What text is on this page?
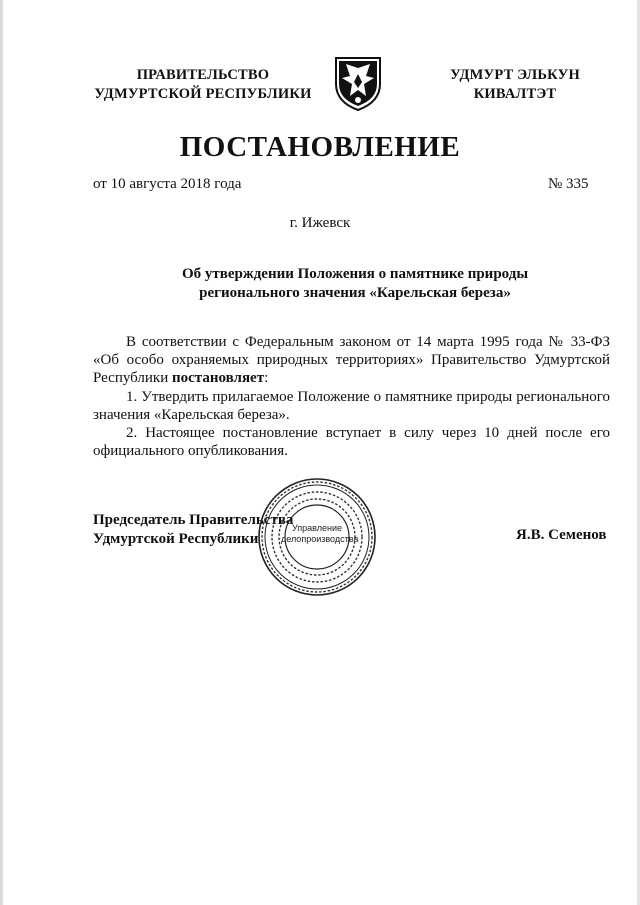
ПРАВИТЕЛЬСТВО
УДМУРТСКОЙ РЕСПУБЛИКИ
УДМУРТ ЭЛЬКУН
КИВАЛТЭТ
ПОСТАНОВЛЕНИЕ
от 10 августа 2018 года	№ 335
г. Ижевск
Об утверждении Положения о памятнике природы
регионального значения «Карельская береза»

В соответствии с Федеральным законом от 14 марта 1995 года № 33-ФЗ «Об особо охраняемых природных территориях» Правительство Удмуртской Республики постановляет:

1. Утвердить прилагаемое Положение о памятнике природы регионального значения «Карельская береза».

2. Настоящее постановление вступает в силу через 10 дней после его официального опубликования.

Председатель Правительства
Удмуртской Республики	Я.В. Семенов
Управление
делопроизводства
